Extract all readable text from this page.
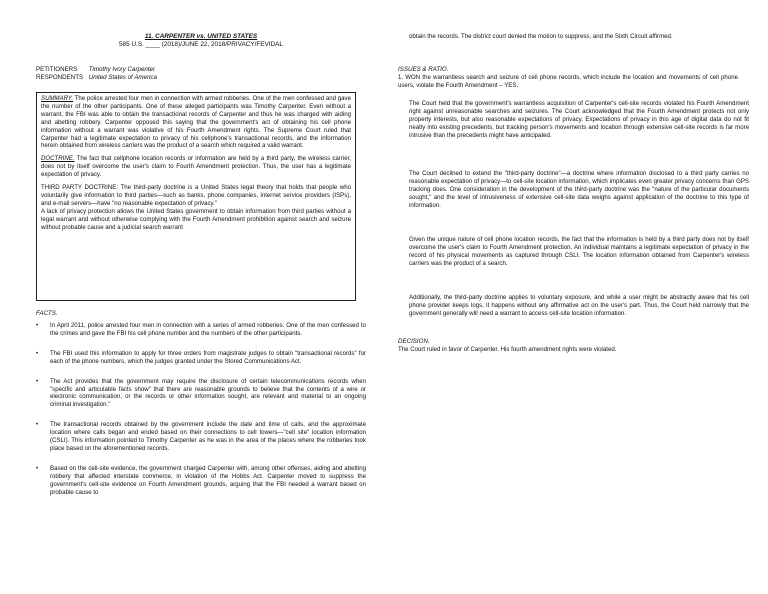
11. CARPENTER vs. UNITED STATES
585 U.S. ____ (2018)/JUNE 22, 2018/PRIVACY/FEVIDAL
PETITIONERS Timothy Ivory Carpenter
RESPONDENTS United States of America

SUMMARY. The police arrested four men in connection with armed robberies. One of the men confessed and gave the number of the other participants. One of these alleged participants was Timothy Carpenter. Even without a warrant, the FBI was able to obtain the transactional records of Carpenter and thus he was charged with aiding and abetting robbery. Carpenter opposed this saying that the government's act of obtaining his cell phone information without a warrant was violative of his Fourth Amendment rights. The Supreme Court ruled that Carpenter had a legitimate expectation to privacy of his cellphone's transactional records, and the information herein obtained from wireless carriers was the product of a search which required a valid warrant.

DOCTRINE. The fact that cellphone location records or information are held by a third party, the wireless carrier, does not by itself overcome the user's claim to Fourth Amendment protection. Thus, the user has a legitimate expectation of privacy.

THIRD PARTY DOCTRINE: The third-party doctrine is a United States legal theory that holds that people who voluntarily give information to third parties—such as banks, phone companies, internet service providers (ISPs), and e-mail servers—have "no reasonable expectation of privacy."

A lack of privacy protection allows the United States government to obtain information from third parties without a legal warrant and without otherwise complying with the Fourth Amendment prohibition against search and seizure without probable cause and a judicial search warrant

FACTS.
• In April 2011, police arrested four men in connection with a series of armed robberies. One of the men confessed to the crimes and gave the FBI his cell phone number and the numbers of the other participants.
• The FBI used this information to apply for three orders from magistrate judges to obtain "transactional records" for each of the phone numbers, which the judges granted under the Stored Communications Act.
• The Act provides that the government may require the disclosure of certain telecommunications records when "specific and articulable facts show" that there are reasonable grounds to believe that the contents of a wire or electronic communication, or the records or other information sought, are relevant and material to an ongoing criminal investigation."
• The transactional records obtained by the government include the date and time of calls, and the approximate location where calls began and ended based on their connections to cell towers—"cell site" location information (CSLI). This information pointed to Timothy Carpenter as he was in the area of the places where the robberies took place based on the aforementioned records.
• Based on the cell-site evidence, the government charged Carpenter with, among other offenses, aiding and abetting robbery that affected interstate commerce, in violation of the Hobbs Act. Carpenter moved to suppress the government's cell-site evidence on Fourth Amendment grounds, arguing that the FBI needed a warrant based on probable cause to
obtain the records. The district court denied the motion to suppress, and the Sixth Circuit affirmed.
ISSUES & RATIO.
1. WON the warrantless search and seizure of cell phone records, which include the location and movements of cell phone users, violate the Fourth Amendment – YES.
The Court held that the government's warrantless acquisition of Carpenter's cell-site records violated his Fourth Amendment right against unreasonable searches and seizures. The Court acknowledged that the Fourth Amendment protects not only property interests, but also reasonable expectations of privacy. Expectations of privacy in this age of digital data do not fit neatly into existing precedents, but tracking person's movements and location through extensive cell-site records is far more intrusive than the precedents might have anticipated.
The Court declined to extend the "third-party doctrine"—a doctrine where information disclosed to a third party carries no reasonable expectation of privacy—to cell-site location information, which implicates even greater privacy concerns than GPS tracking does. One consideration in the development of the third-party doctrine was the "nature of the particular documents sought," and the level of intrusiveness of extensive cell-site data weighs against application of the doctrine to this type of information.
Given the unique nature of cell phone location records, the fact that the information is held by a third party does not by itself overcome the user's claim to Fourth Amendment protection. An individual maintains a legitimate expectation of privacy in the record of his physical movements as captured through CSLI. The location information obtained from Carpenter's wireless carriers was the product of a search.
Additionally, the third-party doctrine applies to voluntary exposure, and while a user might be abstractly aware that his cell phone provider keeps logs, it happens without any affirmative act on the user's part. Thus, the Court held narrowly that the government generally will need a warrant to access cell-site location information.
DECISION.
The Court ruled in favor of Carpenter. His fourth amendment rights were violated.
